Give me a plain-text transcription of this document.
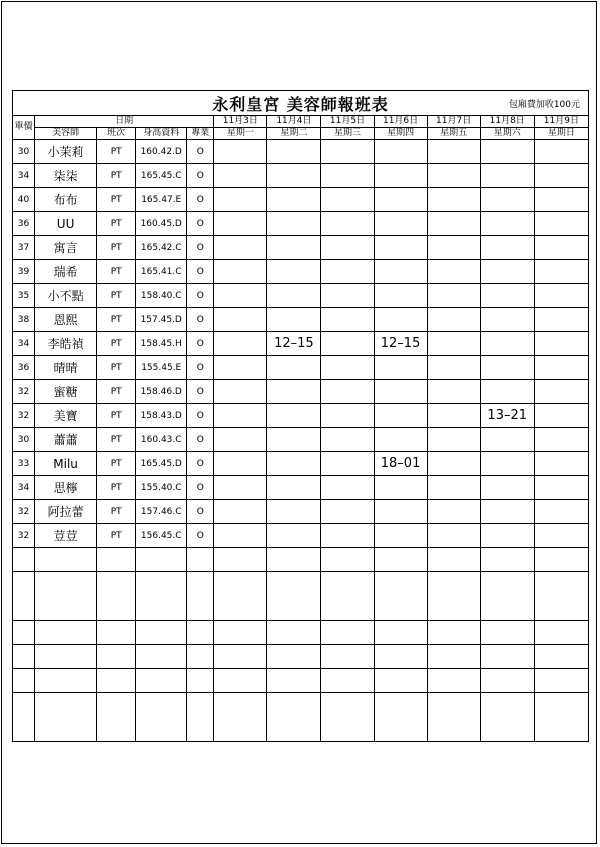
永利皇宮 美容師報班表 包廂費加收100元											

單價	日期				11月3日	11月4日	11月5日	11月6日	11月7日	11月8日	11月9日
	美容師	班次	身高資料	專業	星期一	星期二	星期三	星期四	星期五	星期六	星期日
30	小茉莉	PT	160.42.D	O							
34	柒柒	PT	165.45.C	O							
40	布布	PT	165.47.E	O							
36	UU	PT	160.45.D	O							
37	寓言	PT	165.42.C	O							
39	瑞希	PT	165.41.C	O							
35	小不點	PT	158.40.C	O							
38	恩熙	PT	157.45.D	O							
34	李皓禎	PT	158.45.H	O		12–15		12–15			
36	晴晴	PT	155.45.E	O							
32	蜜糖	PT	158.46.D	O							
32	美寶	PT	158.43.D	O						13–21	
30	蕭蕭	PT	160.43.C	O							
33	Milu	PT	165.45.D	O				18–01			
34	思檸	PT	155.40.C	O							
32	阿拉蕾	PT	157.46.C	O							
32	荳荳	PT	156.45.C	O							
